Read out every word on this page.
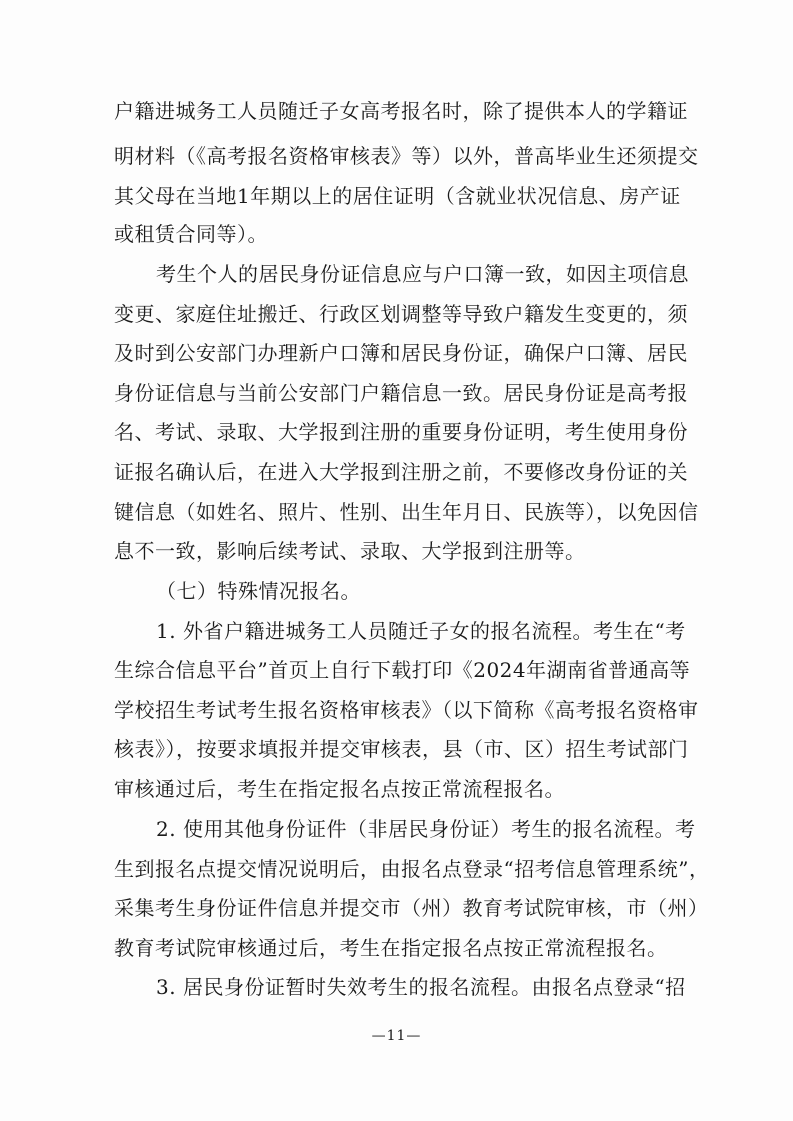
户籍进城务工人员随迁子女高考报名时，除了提供本人的学籍证
明材料（《高考报名资格审核表》等）以外，普高毕业生还须提交
其父母在当地1年期以上的居住证明（含就业状况信息、房产证
或租赁合同等）。
考生个人的居民身份证信息应与户口簿一致，如因主项信息
变更、家庭住址搬迁、行政区划调整等导致户籍发生变更的，须
及时到公安部门办理新户口簿和居民身份证，确保户口簿、居民
身份证信息与当前公安部门户籍信息一致。居民身份证是高考报
名、考试、录取、大学报到注册的重要身份证明，考生使用身份
证报名确认后，在进入大学报到注册之前，不要修改身份证的关
键信息（如姓名、照片、性别、出生年月日、民族等），以免因信
息不一致，影响后续考试、录取、大学报到注册等。
（七）特殊情况报名。
1. 外省户籍进城务工人员随迁子女的报名流程。考生在“考
生综合信息平台”首页上自行下载打印《2024年湖南省普通高等
学校招生考试考生报名资格审核表》（以下简称《高考报名资格审
核表》），按要求填报并提交审核表，县（市、区）招生考试部门
审核通过后，考生在指定报名点按正常流程报名。
2. 使用其他身份证件（非居民身份证）考生的报名流程。考
生到报名点提交情况说明后，由报名点登录“招考信息管理系统”，
采集考生身份证件信息并提交市（州）教育考试院审核，市（州）
教育考试院审核通过后，考生在指定报名点按正常流程报名。
3. 居民身份证暂时失效考生的报名流程。由报名点登录“招
—11—
